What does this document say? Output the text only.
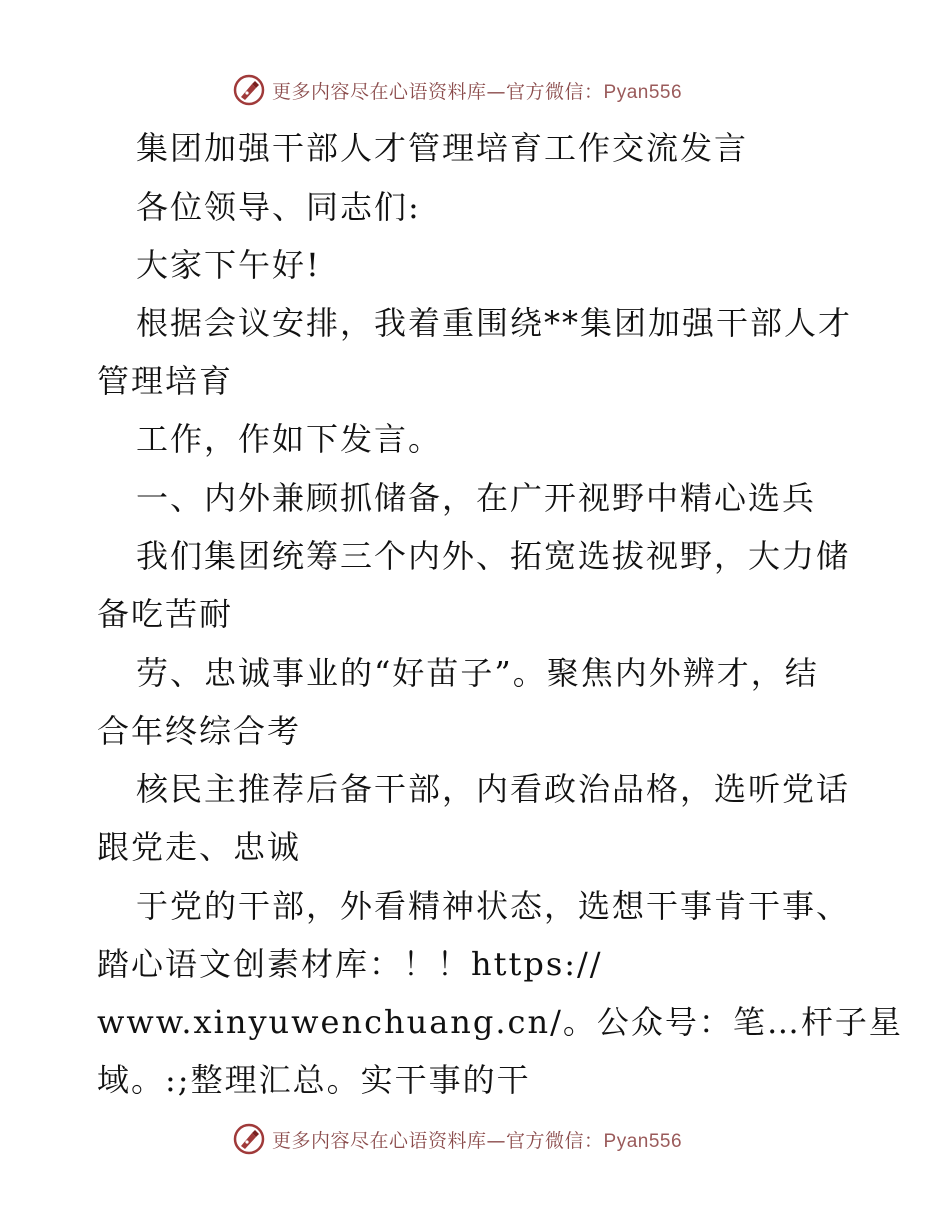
更多内容尽在心语资料库—官方微信：Pyan556
集团加强干部人才管理培育工作交流发言
各位领导、同志们:
大家下午好!
根据会议安排，我着重围绕**集团加强干部人才
管理培育
工作，作如下发言。
一、内外兼顾抓储备，在广开视野中精心选兵
我们集团统筹三个内外、拓宽选拔视野，大力储
备吃苦耐
劳、忠诚事业的“好苗子”。聚焦内外辨才，结
合年终综合考
核民主推荐后备干部，内看政治品格，选听党话
跟党走、忠诚
于党的干部，外看精神状态，选想干事肯干事、
踏心语文创素材库：！！https://
www.xinyuwenchuang.cn/。公众号：笔…杆子星
域。:;整理汇总。实干事的干
更多内容尽在心语资料库—官方微信：Pyan556
